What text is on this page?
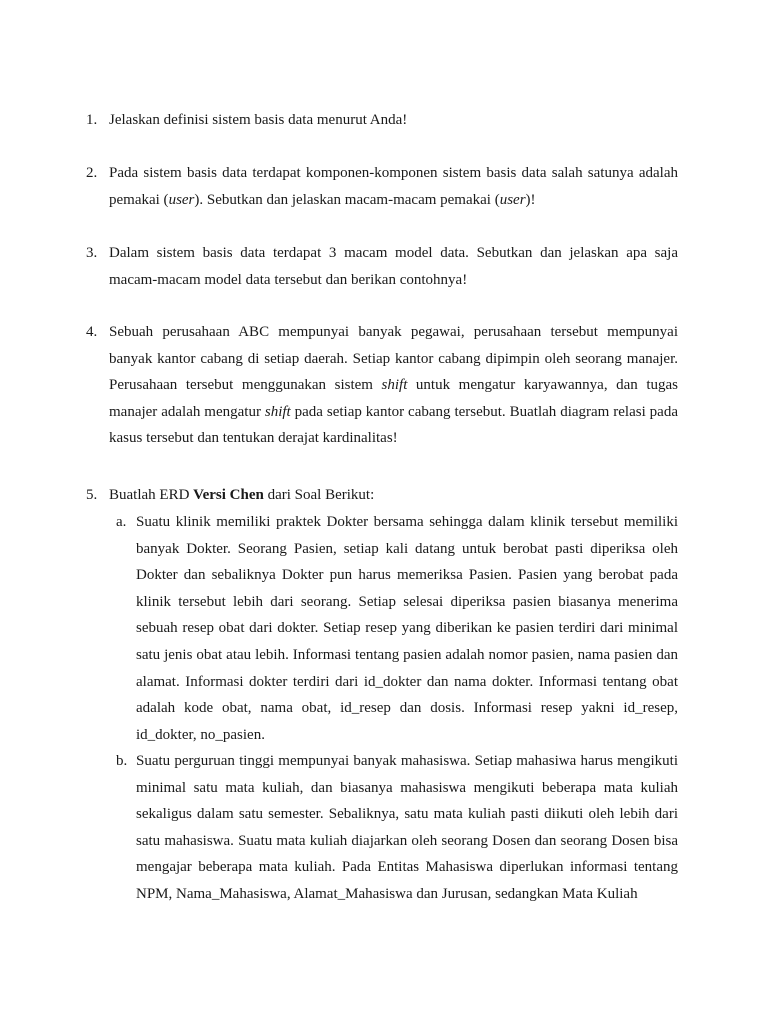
1. Jelaskan definisi sistem basis data menurut Anda!
2. Pada sistem basis data terdapat komponen-komponen sistem basis data salah satunya adalah pemakai (user). Sebutkan dan jelaskan macam-macam pemakai (user)!
3. Dalam sistem basis data terdapat 3 macam model data. Sebutkan dan jelaskan apa saja macam-macam model data tersebut dan berikan contohnya!
4. Sebuah perusahaan ABC mempunyai banyak pegawai, perusahaan tersebut mempunyai banyak kantor cabang di setiap daerah. Setiap kantor cabang dipimpin oleh seorang manajer. Perusahaan tersebut menggunakan sistem shift untuk mengatur karyawannya, dan tugas manajer adalah mengatur shift pada setiap kantor cabang tersebut. Buatlah diagram relasi pada kasus tersebut dan tentukan derajat kardinalitas!
5. Buatlah ERD Versi Chen dari Soal Berikut:
a. Suatu klinik memiliki praktek Dokter bersama sehingga dalam klinik tersebut memiliki banyak Dokter. Seorang Pasien, setiap kali datang untuk berobat pasti diperiksa oleh Dokter dan sebaliknya Dokter pun harus memeriksa Pasien. Pasien yang berobat pada klinik tersebut lebih dari seorang. Setiap selesai diperiksa pasien biasanya menerima sebuah resep obat dari dokter. Setiap resep yang diberikan ke pasien terdiri dari minimal satu jenis obat atau lebih. Informasi tentang pasien adalah nomor pasien, nama pasien dan alamat. Informasi dokter terdiri dari id_dokter dan nama dokter. Informasi tentang obat adalah kode obat, nama obat, id_resep dan dosis. Informasi resep yakni id_resep, id_dokter, no_pasien.
b. Suatu perguruan tinggi mempunyai banyak mahasiswa. Setiap mahasiwa harus mengikuti minimal satu mata kuliah, dan biasanya mahasiswa mengikuti beberapa mata kuliah sekaligus dalam satu semester. Sebaliknya, satu mata kuliah pasti diikuti oleh lebih dari satu mahasiswa. Suatu mata kuliah diajarkan oleh seorang Dosen dan seorang Dosen bisa mengajar beberapa mata kuliah. Pada Entitas Mahasiswa diperlukan informasi tentang NPM, Nama_Mahasiswa, Alamat_Mahasiswa dan Jurusan, sedangkan Mata Kuliah
